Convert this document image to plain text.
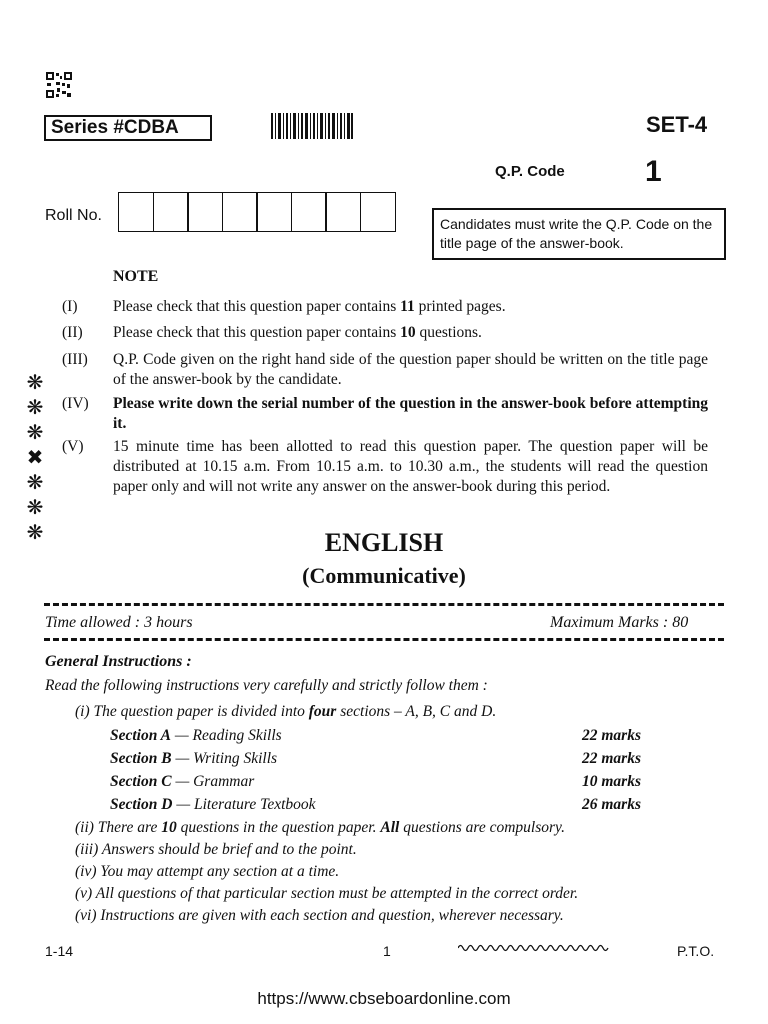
Series #CDBA	SET-4
Q.P. Code	1
Roll No.	Candidates must write the Q.P. Code on the title page of the answer-book.
NOTE
(I)	Please check that this question paper contains 11 printed pages.
(II)	Please check that this question paper contains 10 questions.
(III)	Q.P. Code given on the right hand side of the question paper should be written on the title page of the answer-book by the candidate.
(IV)	Please write down the serial number of the question in the answer-book before attempting it.
(V)	15 minute time has been allotted to read this question paper. The question paper will be distributed at 10.15 a.m. From 10.15 a.m. to 10.30 a.m., the students will read the question paper only and will not write any answer on the answer-book during this period.
❋
❋
❋
✖
❋
❋
❋	ENGLISH
(Communicative)
Time allowed : 3 hours	Maximum Marks : 80
General Instructions :
Read the following instructions very carefully and strictly follow them :
(i) The question paper is divided into four sections – A, B, C and D.
Section A — Reading Skills	22 marks
Section B — Writing Skills	22 marks
Section C — Grammar	10 marks
Section D — Literature Textbook	26 marks
(ii) There are 10 questions in the question paper. All questions are compulsory.
(iii) Answers should be brief and to the point.
(iv) You may attempt any section at a time.
(v) All questions of that particular section must be attempted in the correct order.
(vi) Instructions are given with each section and question, wherever necessary.
1-14	1	P.T.O.
https://www.cbseboardonline.com
